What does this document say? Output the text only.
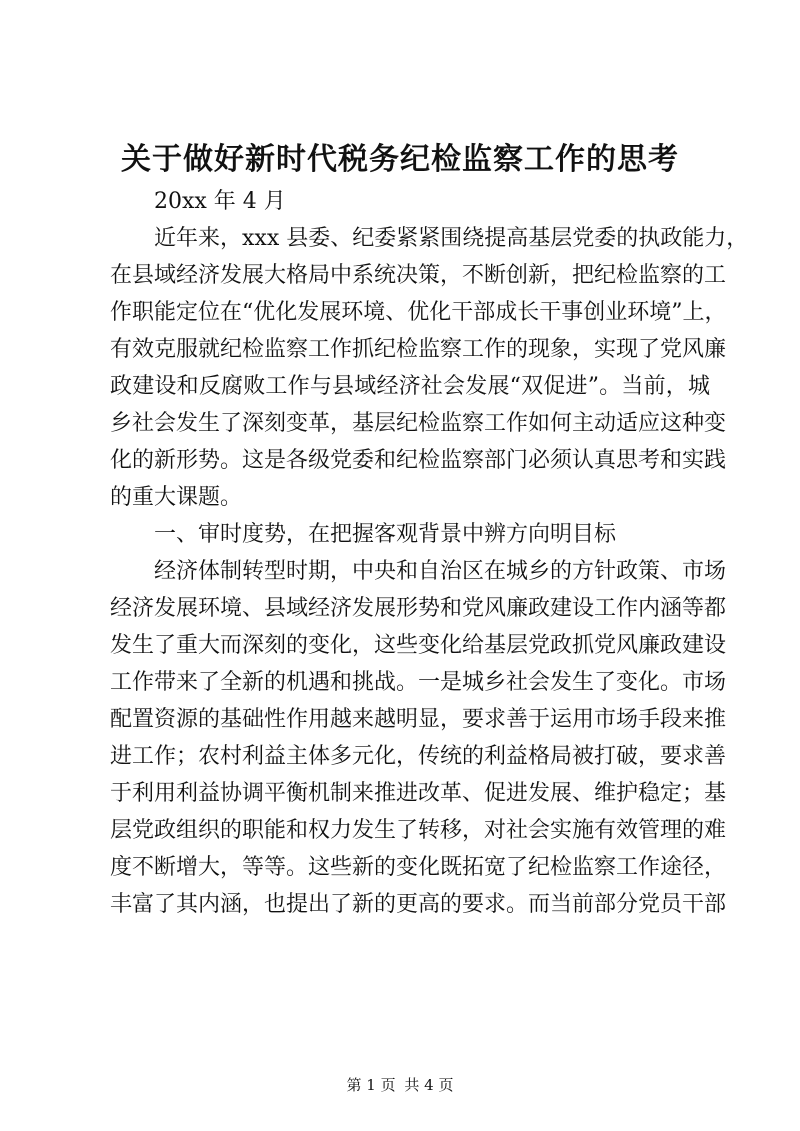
关于做好新时代税务纪检监察工作的思考
20xx 年 4 月
近年来，xxx 县委、纪委紧紧围绕提高基层党委的执政能力，
在县域经济发展大格局中系统决策，不断创新，把纪检监察的工
作职能定位在“优化发展环境、优化干部成长干事创业环境”上，
有效克服就纪检监察工作抓纪检监察工作的现象，实现了党风廉
政建设和反腐败工作与县域经济社会发展“双促进”。当前，城
乡社会发生了深刻变革，基层纪检监察工作如何主动适应这种变
化的新形势。这是各级党委和纪检监察部门必须认真思考和实践
的重大课题。
一、审时度势，在把握客观背景中辨方向明目标
经济体制转型时期，中央和自治区在城乡的方针政策、市场
经济发展环境、县域经济发展形势和党风廉政建设工作内涵等都
发生了重大而深刻的变化，这些变化给基层党政抓党风廉政建设
工作带来了全新的机遇和挑战。一是城乡社会发生了变化。市场
配置资源的基础性作用越来越明显，要求善于运用市场手段来推
进工作；农村利益主体多元化，传统的利益格局被打破，要求善
于利用利益协调平衡机制来推进改革、促进发展、维护稳定；基
层党政组织的职能和权力发生了转移，对社会实施有效管理的难
度不断增大，等等。这些新的变化既拓宽了纪检监察工作途径，
丰富了其内涵，也提出了新的更高的要求。而当前部分党员干部
第 1 页 共 4 页
